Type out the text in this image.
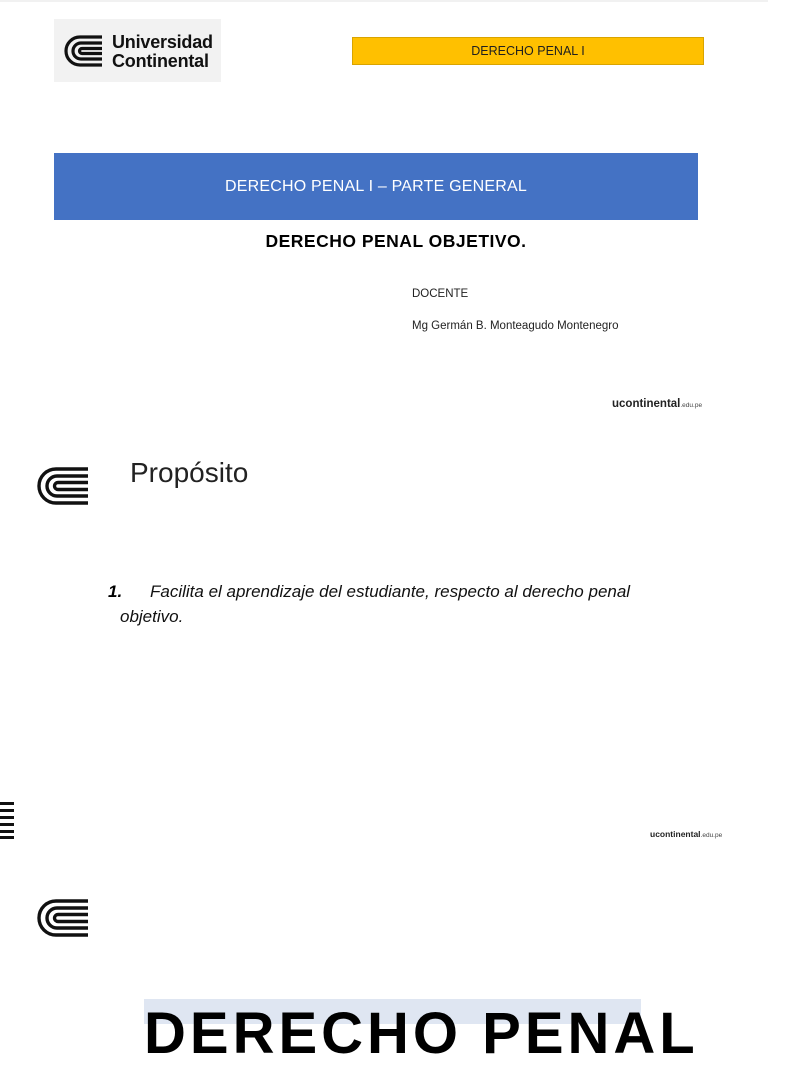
Universidad
Continental	DERECHO PENAL I
DERECHO PENAL I – PARTE GENERAL
DERECHO PENAL OBJETIVO.
DOCENTE
Mg Germán B. Monteagudo Montenegro
ucontinental.edu.pe
Propósito
1. Facilita el aprendizaje del estudiante, respecto al derecho penal
objetivo.
ucontinental.edu.pe
DERECHO PENAL
